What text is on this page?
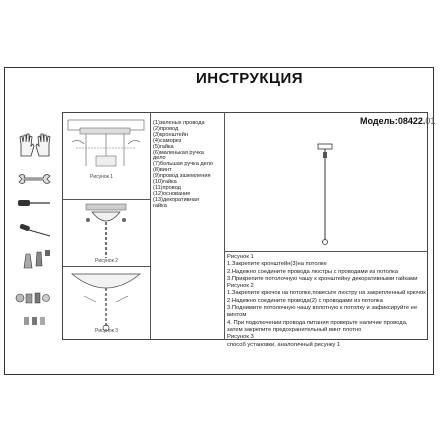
ИНСТРУКЦИЯ
Модель:08422.01
Рисунок 1
Рисунок 2
Рисунок 3
(1)зеленых провода
(2)провод
(3)кронштейн
(4)саморез
(5)гайка
(6)маленькая ручка
дело
(7)большая ручка дело
(8)винт
(9)провод заземления
(10)гайка
(11)провод
(12)основание
(13)декоративная
гайка
Рисунок 1
1.Закрепите кронштейн(3)на потолке
2.Надежно соедините провода люстры с проводами из потолка
3.Прикрепите потолочную чашу к кронштейну декоративными гайками
Рисунок 2
1.Закрепите крючок на потолке,повесьте люстру на закрепленный крючок
2.Надежно соедините провода(2) с проводами из потолка
3.Поднимите потолочную чашу вплотную к потолку и зафиксируйте ее
винтом
4. При подключении провода питания проверьте наличие провода,
затем закрепите предохранительный винт плотно
Рисунок 3
способ установки, аналогичный рисунку 1
